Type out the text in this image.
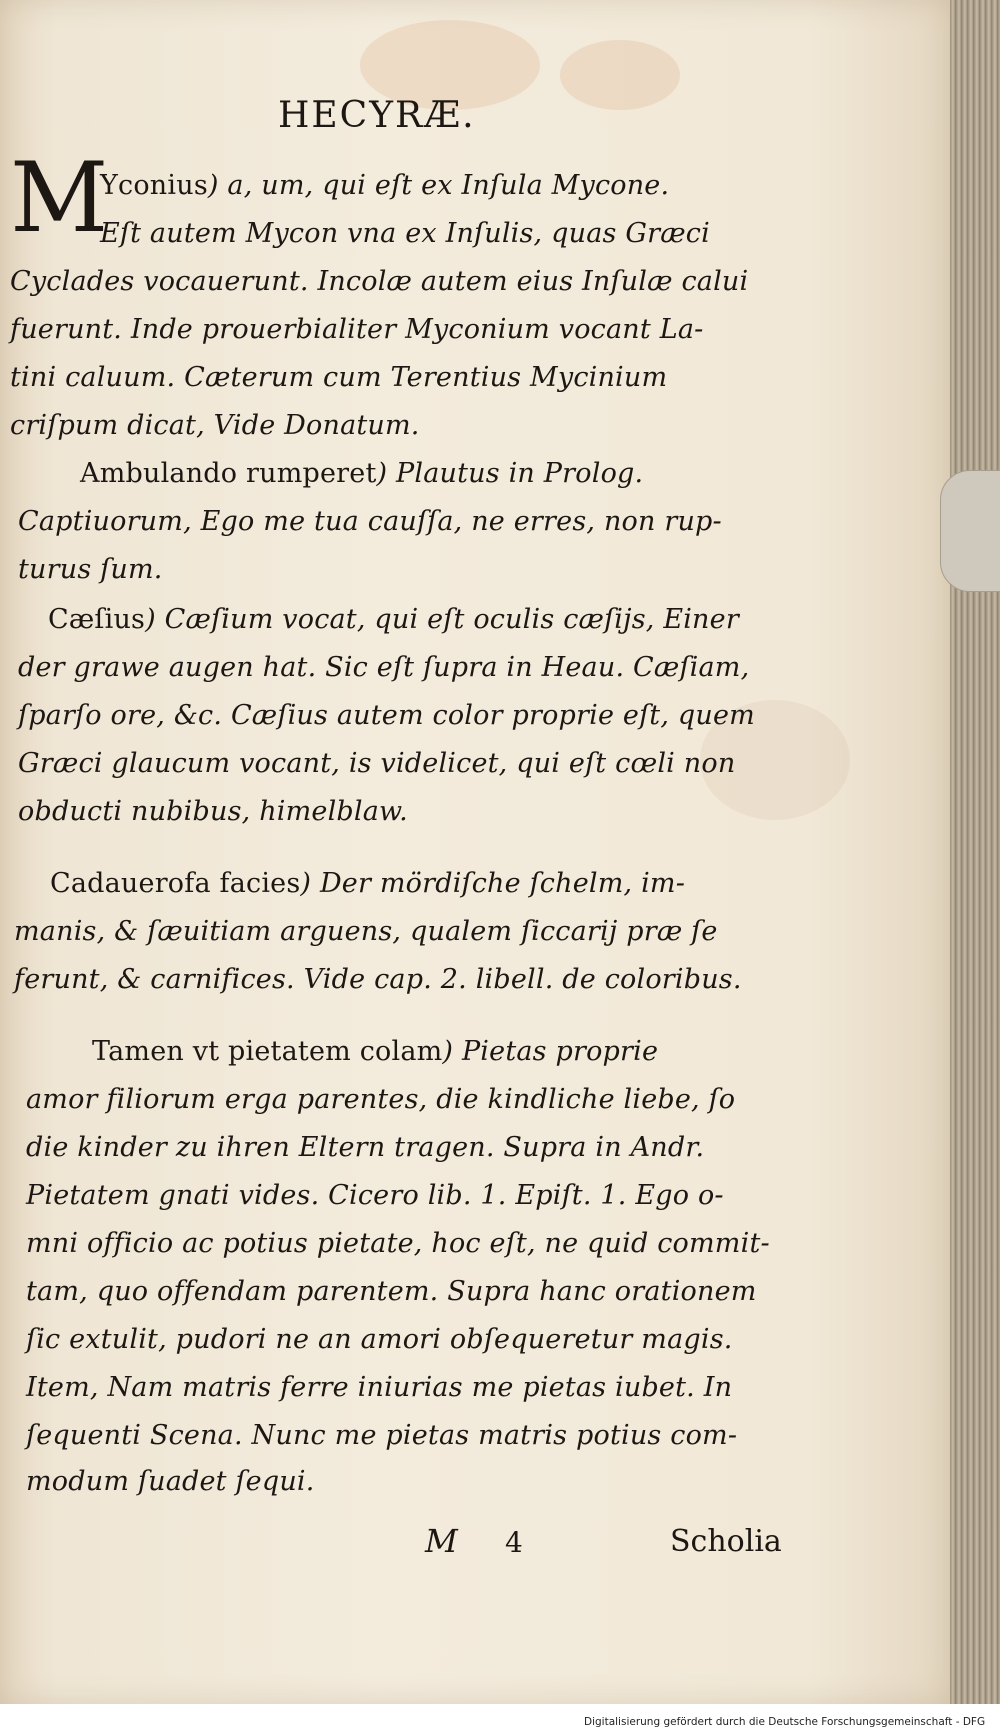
HECYRÆ.
M
Yconius) a, um, qui eſt ex Inſula Mycone.
Eſt autem Mycon vna ex Inſulis, quas Græci
Cyclades vocauerunt. Incolæ autem eius Inſulæ calui
fuerunt. Inde prouerbialiter Myconium vocant La-
tini caluum. Cæterum cum Terentius Mycinium
criſpum dicat, Vide Donatum.
Ambulando rumperet) Plautus in Prolog.
Captiuorum, Ego me tua cauſſa, ne erres, non rup-
turus ſum.
Cæſius) Cæſium vocat, qui eſt oculis cæſijs, Einer
der grawe augen hat. Sic eſt ſupra in Heau. Cæſiam,
ſparſo ore, &c. Cæſius autem color proprie eſt, quem
Græci glaucum vocant, is videlicet, qui eſt cœli non
obducti nubibus, himelblaw.
Cadauerofa facies) Der mördiſche ſchelm, im-
manis, & ſæuitiam arguens, qualem ſiccarij præ ſe
ferunt, & carnifices. Vide cap. 2. libell. de coloribus.
Tamen vt pietatem colam) Pietas proprie
amor filiorum erga parentes, die kindliche liebe, ſo
die kinder zu ihren Eltern tragen. Supra in Andr.
Pietatem gnati vides. Cicero lib. 1. Epiſt. 1. Ego o-
mni officio ac potius pietate, hoc eſt, ne quid commit-
tam, quo offendam parentem. Supra hanc orationem
ſic extulit, pudori ne an amori obſequeretur magis.
Item, Nam matris ferre iniurias me pietas iubet. In
ſequenti Scena. Nunc me pietas matris potius com-
modum ſuadet ſequi.
M 4	Scholia
Digitalisierung gefördert durch die Deutsche Forschungsgemeinschaft - DFG
